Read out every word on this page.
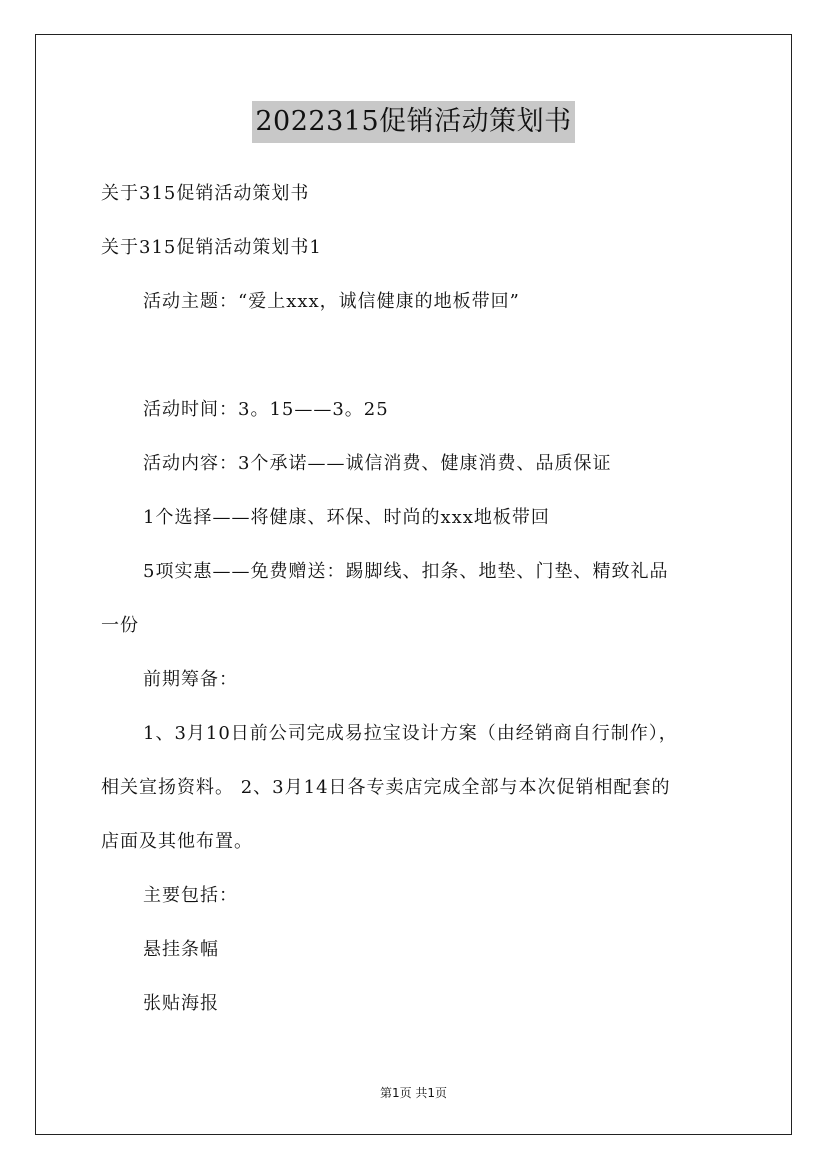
2022315促销活动策划书
关于315促销活动策划书
关于315促销活动策划书1
活动主题：“爱上xxx，诚信健康的地板带回”
活动时间：3。15——3。25
活动内容：3个承诺——诚信消费、健康消费、品质保证
1个选择——将健康、环保、时尚的xxx地板带回
5项实惠——免费赠送：踢脚线、扣条、地垫、门垫、精致礼品
一份
前期筹备：
1、3月10日前公司完成易拉宝设计方案（由经销商自行制作），
相关宣扬资料。 2、3月14日各专卖店完成全部与本次促销相配套的
店面及其他布置。
主要包括：
悬挂条幅
张贴海报
第1页 共1页
